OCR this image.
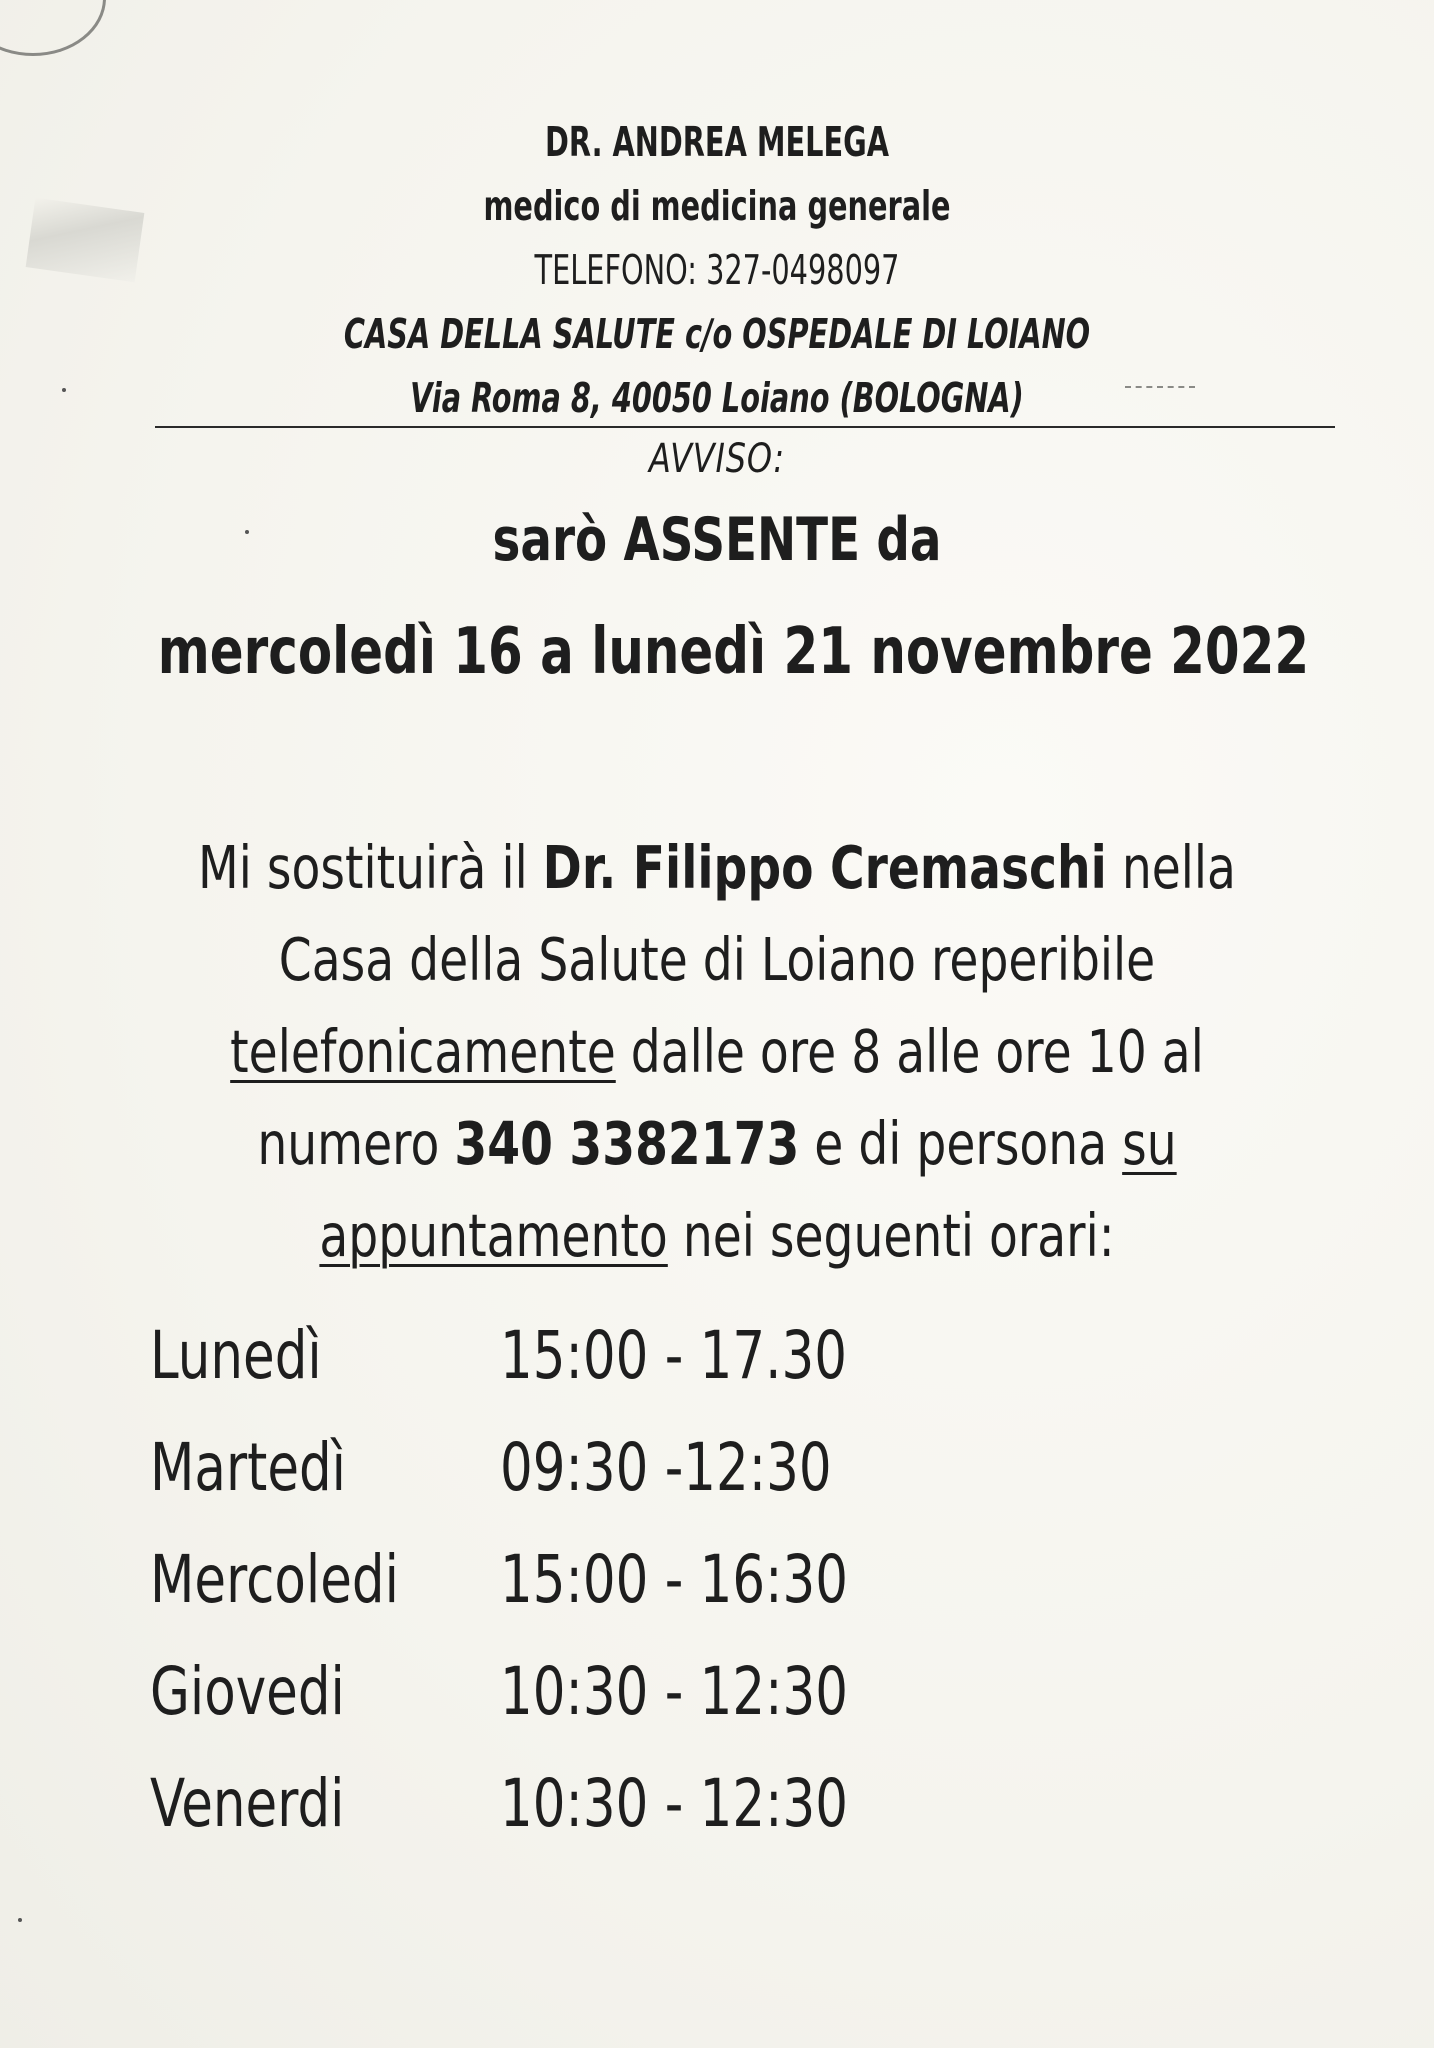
DR. ANDREA MELEGA
medico di medicina generale
TELEFONO: 327-0498097
CASA DELLA SALUTE c/o OSPEDALE DI LOIANO
Via Roma 8, 40050 Loiano (BOLOGNA)
AVVISO:
sarò ASSENTE da
mercoledì 16 a lunedì 21 novembre 2022
Mi sostituirà il Dr. Filippo Cremaschi nella
Casa della Salute di Loiano reperibile
telefonicamente dalle ore 8 alle ore 10 al
numero 340 3382173 e di persona su
appuntamento nei seguenti orari:
Lunedì	15:00 - 17.30
Martedì 09:30 -12:30
Mercoledi 15:00 - 16:30
Giovedi 10:30 - 12:30
Venerdi 10:30 - 12:30
